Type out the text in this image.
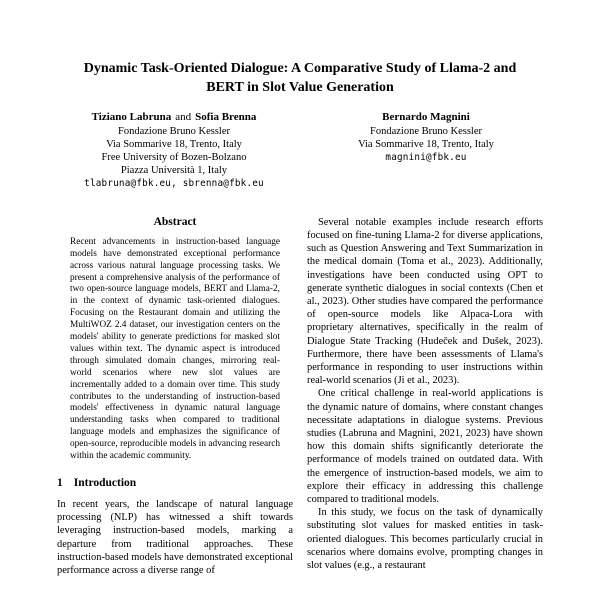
Dynamic Task-Oriented Dialogue: A Comparative Study of Llama-2 and
BERT in Slot Value Generation
Tiziano Labruna and Sofia Brenna
Fondazione Bruno Kessler
Via Sommarive 18, Trento, Italy
Free University of Bozen-Bolzano
Piazza Università 1, Italy
tlabruna@fbk.eu, sbrenna@fbk.eu
Bernardo Magnini
Fondazione Bruno Kessler
Via Sommarive 18, Trento, Italy
magnini@fbk.eu
Abstract
Recent advancements in instruction-based language models have demonstrated exceptional performance across various natural language processing tasks. We present a comprehensive analysis of the performance of two open-source language models, BERT and Llama-2, in the context of dynamic task-oriented dialogues. Focusing on the Restaurant domain and utilizing the MultiWOZ 2.4 dataset, our investigation centers on the models' ability to generate predictions for masked slot values within text. The dynamic aspect is introduced through simulated domain changes, mirroring real-world scenarios where new slot values are incrementally added to a domain over time. This study contributes to the understanding of instruction-based models' effectiveness in dynamic natural language understanding tasks when compared to traditional language models and emphasizes the significance of open-source, reproducible models in advancing research within the academic community.
1 Introduction

In recent years, the landscape of natural language processing (NLP) has witnessed a shift towards leveraging instruction-based models, marking a departure from traditional approaches. These instruction-based models have demonstrated exceptional performance across a diverse range of

Several notable examples include research efforts focused on fine-tuning Llama-2 for diverse applications, such as Question Answering and Text Summarization in the medical domain (Toma et al., 2023). Additionally, investigations have been conducted using OPT to generate synthetic dialogues in social contexts (Chen et al., 2023). Other studies have compared the performance of open-source models like Alpaca-Lora with proprietary alternatives, specifically in the realm of Dialogue State Tracking (Hudeček and Dušek, 2023). Furthermore, there have been assessments of Llama's performance in responding to user instructions within real-world scenarios (Ji et al., 2023).

One critical challenge in real-world applications is the dynamic nature of domains, where constant changes necessitate adaptations in dialogue systems. Previous studies (Labruna and Magnini, 2021, 2023) have shown how this domain shifts significantly deteriorate the performance of models trained on outdated data. With the emergence of instruction-based models, we aim to explore their efficacy in addressing this challenge compared to traditional models.

In this study, we focus on the task of dynamically substituting slot values for masked entities in task-oriented dialogues. This becomes particularly crucial in scenarios where domains evolve, prompting changes in slot values (e.g., a restaurant
